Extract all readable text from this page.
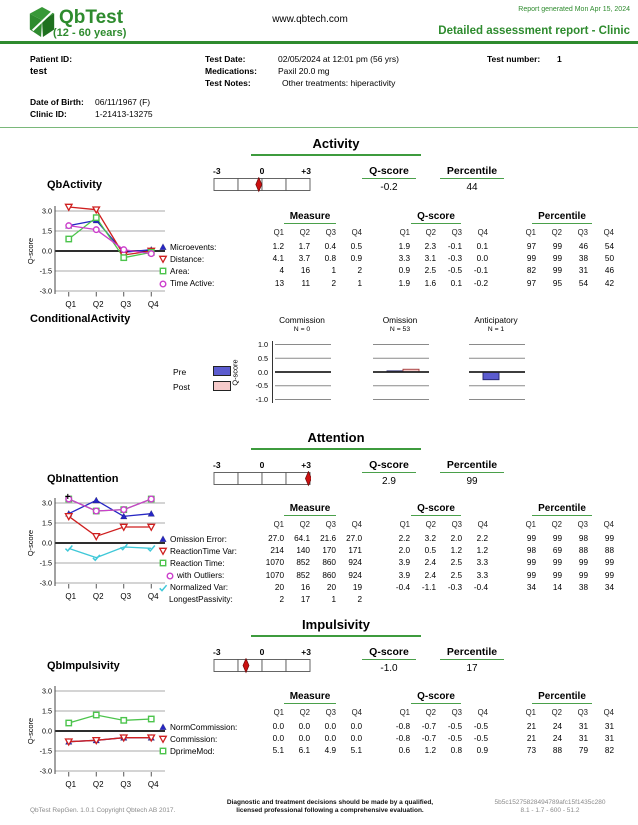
QbTest
(12 - 60 years)
www.qbtech.com
Report generated Mon Apr 15, 2024
Detailed assessment report - Clinic
Patient ID:
test
Date of Birth: 06/11/1967 (F)
Clinic ID:	1-21413-13275
Test Date:	02/05/2024 at 12:01 pm (56 yrs)
Medications: Paxil 20.0 mg
Test Notes:	Other treatments: hiperactivity
Test number: 1
Activity
-3	0	+3	Q-score
-0.2
Percentile
44
QbActivity
3.0
1.5
0.0
-1.5
-3.0
Q-score
Q1 Q2 Q3 Q4
Measure	Q-score	Percentile
Q1	Q2	Q3	Q4	Q1	Q2	Q3	Q4	Q1	Q2	Q3	Q4
Microevents:	1.2	1.7	0.4	0.5	1.9	2.3	-0.1	0.1	97	99	46	54
Distance:	4.1	3.7	0.8	0.9	3.3	3.1	-0.3	0.0	99	99	38	50
Area:	4	16	1	2	0.9	2.5	-0.5	-0.1	82	99	31	46
Time Active:	13	11	2	1	1.9	1.6	0.1	-0.2	97	95	54	42
ConditionalActivity
Pre
Post
Commission
N = 0
Omission
N = 53
Anticipatory
N = 1
1.0
0.5
0.0
-0.5
-1.0
Attention
-3	0	+3	Q-score
2.9
Percentile
99
QbInattention
3.0
1.5
0.0
-1.5
-3.0
Q-score
Q1 Q2 Q3 Q4
+
Measure	Q-score	Percentile
Q1	Q2	Q3	Q4	Q1	Q2	Q3	Q4	Q1	Q2	Q3	Q4
Omission Error:	27.0	64.1	21.6	27.0	2.2	3.2	2.0	2.2	99	99	98	99
ReactionTime Var:	214	140	170	171	2.0	0.5	1.2	1.2	98	69	88	88
Reaction Time:	1070	852	860	924	3.9	2.4	2.5	3.3	99	99	99	99
with Outliers:	1070	852	860	924	3.9	2.4	2.5	3.3	99	99	99	99
Normalized Var:	20	16	20	19	-0.4	-1.1	-0.3	-0.4	34	14	38	34
LongestPassivity:	2	17	1	2
Impulsivity
-3	0	+3	Q-score
-1.0
Percentile
17
QbImpulsivity
3.0
1.5
0.0
-1.5
-3.0
Q-score
Q1 Q2 Q3 Q4
Measure	Q-score	Percentile
Q1	Q2	Q3	Q4	Q1	Q2	Q3	Q4	Q1	Q2	Q3	Q4
NormCommission:	0.0	0.0	0.0	0.0	-0.8	-0.7	-0.5	-0.5	21	24	31	31
Commission:	0.0	0.0	0.0	0.0	-0.8	-0.7	-0.5	-0.5	21	24	31	31
DprimeMod:	5.1	6.1	4.9	5.1	0.6	1.2	0.8	0.9	73	88	79	82
QbTest RepGen. 1.0.1 Copyright Qbtech AB 2017.
Diagnostic and treatment decisions should be made by a qualified,
licensed professional following a comprehensive evaluation.
5b5c15275828494789afc15f1435c280
8.1 - 1.7 - 600 - 51.2
Q-score
